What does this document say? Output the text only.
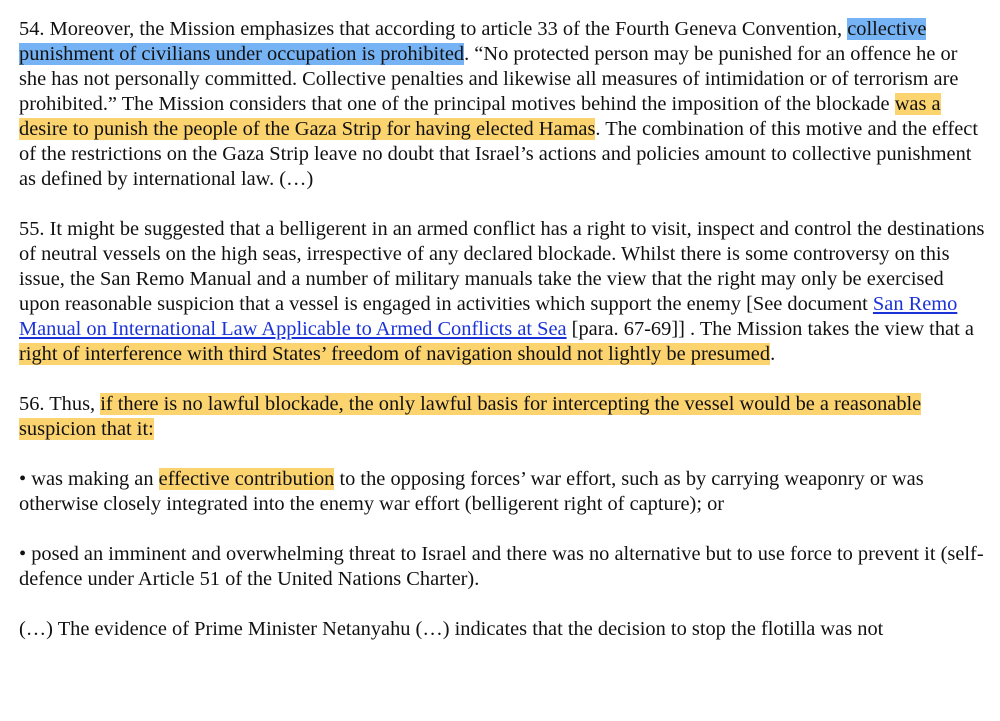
54. Moreover, the Mission emphasizes that according to article 33 of the Fourth Geneva Convention, collective punishment of civilians under occupation is prohibited. “No protected person may be punished for an offence he or she has not personally committed. Collective penalties and likewise all measures of intimidation or of terrorism are prohibited.” The Mission considers that one of the principal motives behind the imposition of the blockade was a desire to punish the people of the Gaza Strip for having elected Hamas. The combination of this motive and the effect of the restrictions on the Gaza Strip leave no doubt that Israel’s actions and policies amount to collective punishment as defined by international law. (…)

55. It might be suggested that a belligerent in an armed conflict has a right to visit, inspect and control the destinations of neutral vessels on the high seas, irrespective of any declared blockade. Whilst there is some controversy on this issue, the San Remo Manual and a number of military manuals take the view that the right may only be exercised upon reasonable suspicion that a vessel is engaged in activities which support the enemy [See document San Remo Manual on International Law Applicable to Armed Conflicts at Sea [para. 67-69]] . The Mission takes the view that a right of interference with third States’ freedom of navigation should not lightly be presumed.

56. Thus, if there is no lawful blockade, the only lawful basis for intercepting the vessel would be a reasonable suspicion that it:

• was making an effective contribution to the opposing forces’ war effort, such as by carrying weaponry or was otherwise closely integrated into the enemy war effort (belligerent right of capture); or

• posed an imminent and overwhelming threat to Israel and there was no alternative but to use force to prevent it (self-defence under Article 51 of the United Nations Charter).

(…) The evidence of Prime Minister Netanyahu (…) indicates that the decision to stop the flotilla was not
